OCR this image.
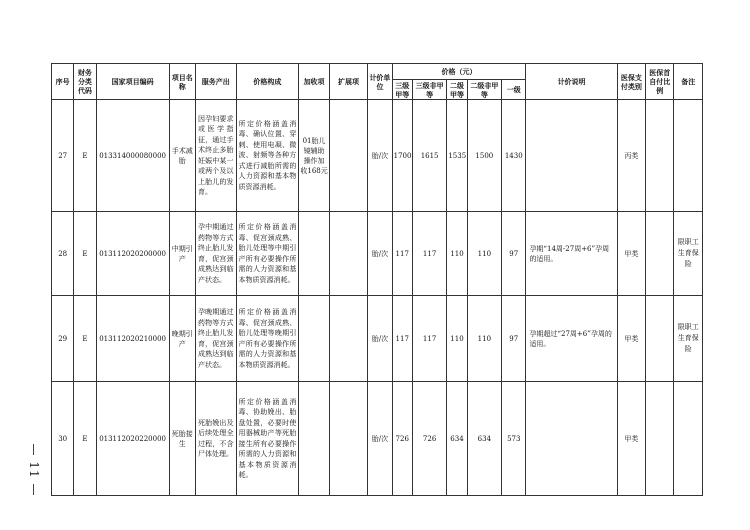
序号	财务分类代码	国家项目编码	项目名称	服务产出	价格构成	加收项	扩展项	计价单位	价格（元）					计价说明	医保支付类别	医保首自付比例	备注
									三级甲等	三级非甲等	二级甲等	二级非甲等	一级				
27	E	013314000080000	手术减胎	因孕妇要求或医学指征，通过手术终止多胎妊娠中某一或两个及以上胎儿的发育。	所定价格涵盖消毒、确认位置、穿刺、使用电凝、微波、射频等各种方式进行减胎所需的人力资源和基本物质资源消耗。	01胎儿镜辅助操作加收168元		胎/次	1700	1615	1535	1500	1430		丙类		
28	E	013112020200000	中期引产	孕中期通过药物等方式终止胎儿发育，促宫颈成熟达到临产状态。	所定价格涵盖消毒、促宫颈成熟、胎儿处理等中期引产所有必要操作所需的人力资源和基本物质资源消耗。			胎/次	117	117	110	110	97	孕期“14周-27周+6”孕周的适用。	甲类		限职工生育保险
29	E	013112020210000	晚期引产	孕晚期通过药物等方式终止胎儿发育，促宫颈成熟达到临产状态。	所定价格涵盖消毒、促宫颈成熟、胎儿处理等晚期引产所有必要操作所需的人力资源和基本物质资源消耗。			胎/次	117	117	110	110	97	孕期超过“27周+6”孕周的适用。	甲类		限职工生育保险
30	E	013112020220000	死胎接生	死胎娩出及后续处理全过程，不含尸体处理。	所定价格涵盖消毒、协助娩出、胎盘处置，必要时使用器械助产等死胎接生所有必要操作所需的人力资源和基本物质资源消耗。			胎/次	726	726	634	634	573		甲类		
— 11 —
